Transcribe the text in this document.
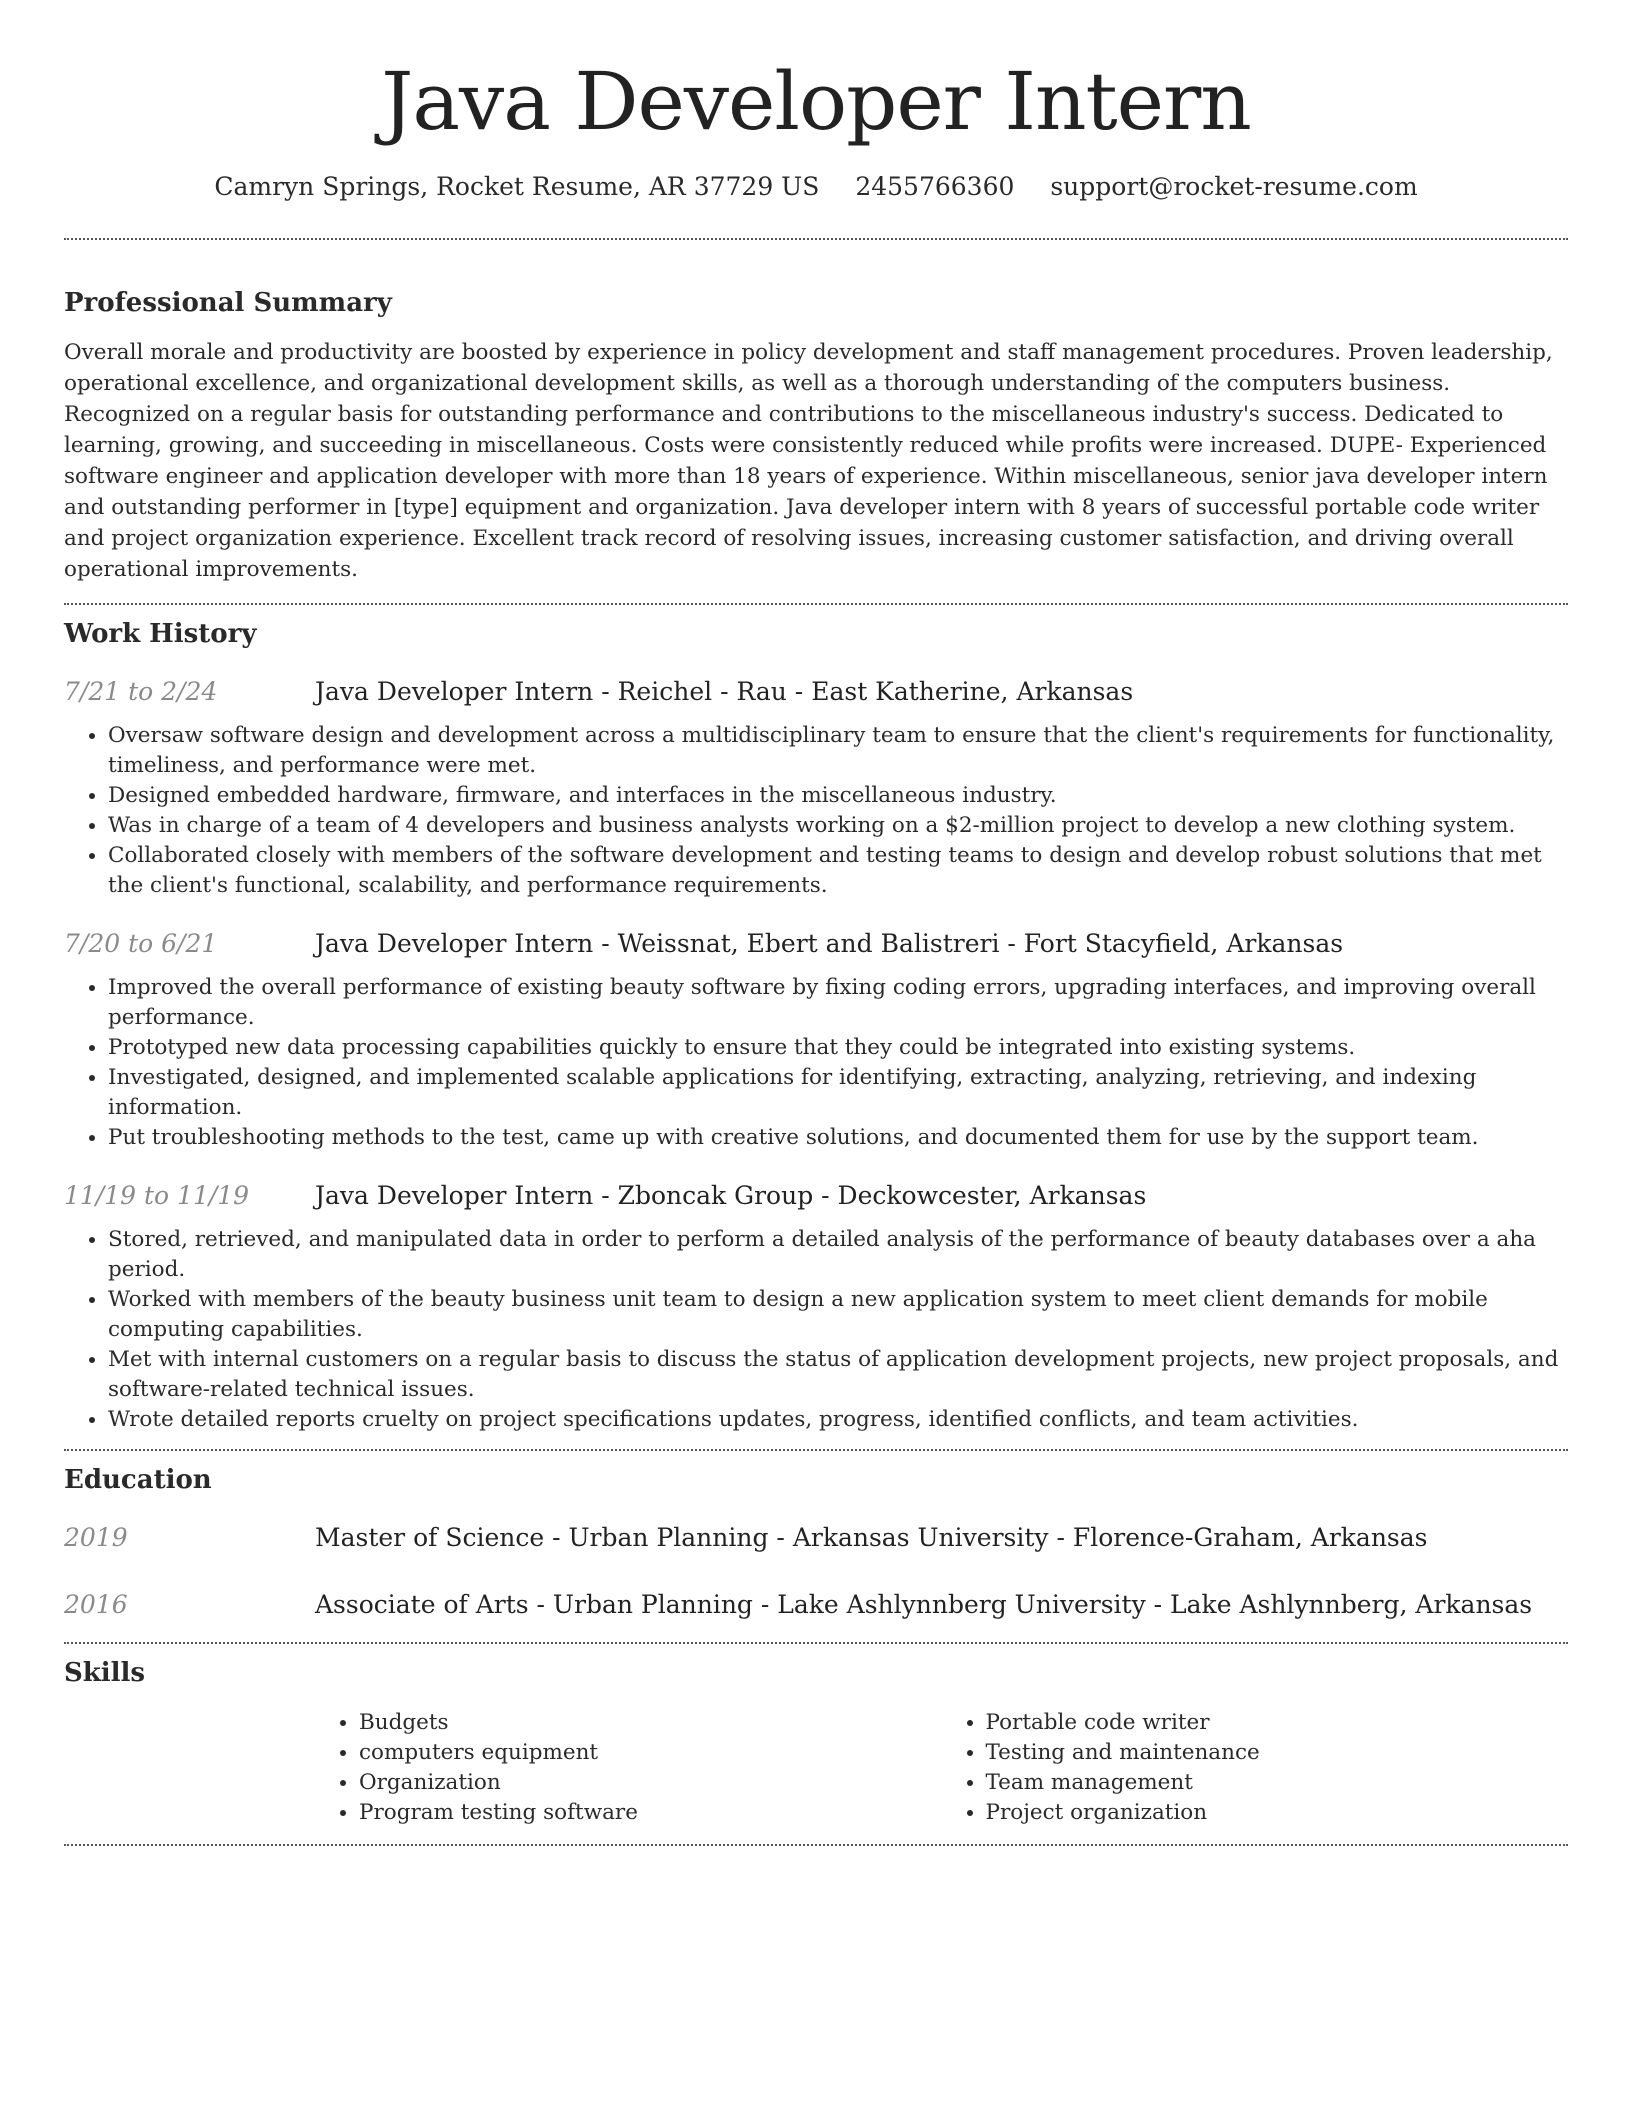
Java Developer Intern
Camryn Springs, Rocket Resume, AR 37729 US 2455766360 support@rocket-resume.com
Professional Summary

Overall morale and productivity are boosted by experience in policy development and staff management procedures. Proven leadership, operational excellence, and organizational development skills, as well as a thorough understanding of the computers business. Recognized on a regular basis for outstanding performance and contributions to the miscellaneous industry's success. Dedicated to learning, growing, and succeeding in miscellaneous. Costs were consistently reduced while profits were increased. DUPE- Experienced software engineer and application developer with more than 18 years of experience. Within miscellaneous, senior java developer intern and outstanding performer in [type] equipment and organization. Java developer intern with 8 years of successful portable code writer and project organization experience. Excellent track record of resolving issues, increasing customer satisfaction, and driving overall operational improvements.

Work History
7/21 to 2/24	Java Developer Intern - Reichel - Rau - East Katherine, Arkansas
• Oversaw software design and development across a multidisciplinary team to ensure that the client's requirements for functionality, timeliness, and performance were met.
• Designed embedded hardware, firmware, and interfaces in the miscellaneous industry.
• Was in charge of a team of 4 developers and business analysts working on a $2-million project to develop a new clothing system.
• Collaborated closely with members of the software development and testing teams to design and develop robust solutions that met the client's functional, scalability, and performance requirements.
7/20 to 6/21	Java Developer Intern - Weissnat, Ebert and Balistreri - Fort Stacyfield, Arkansas
• Improved the overall performance of existing beauty software by fixing coding errors, upgrading interfaces, and improving overall performance.
• Prototyped new data processing capabilities quickly to ensure that they could be integrated into existing systems.
• Investigated, designed, and implemented scalable applications for identifying, extracting, analyzing, retrieving, and indexing information.
• Put troubleshooting methods to the test, came up with creative solutions, and documented them for use by the support team.
11/19 to 11/19	Java Developer Intern - Zboncak Group - Deckowcester, Arkansas
• Stored, retrieved, and manipulated data in order to perform a detailed analysis of the performance of beauty databases over a aha period.
• Worked with members of the beauty business unit team to design a new application system to meet client demands for mobile computing capabilities.
• Met with internal customers on a regular basis to discuss the status of application development projects, new project proposals, and software-related technical issues.
• Wrote detailed reports cruelty on project specifications updates, progress, identified conflicts, and team activities.
Education
2019	Master of Science - Urban Planning - Arkansas University - Florence-Graham, Arkansas
2016	Associate of Arts - Urban Planning - Lake Ashlynnberg University - Lake Ashlynnberg, Arkansas
Skills
• Budgets
• computers equipment
• Organization
• Program testing software
• Portable code writer
• Testing and maintenance
• Team management
• Project organization
